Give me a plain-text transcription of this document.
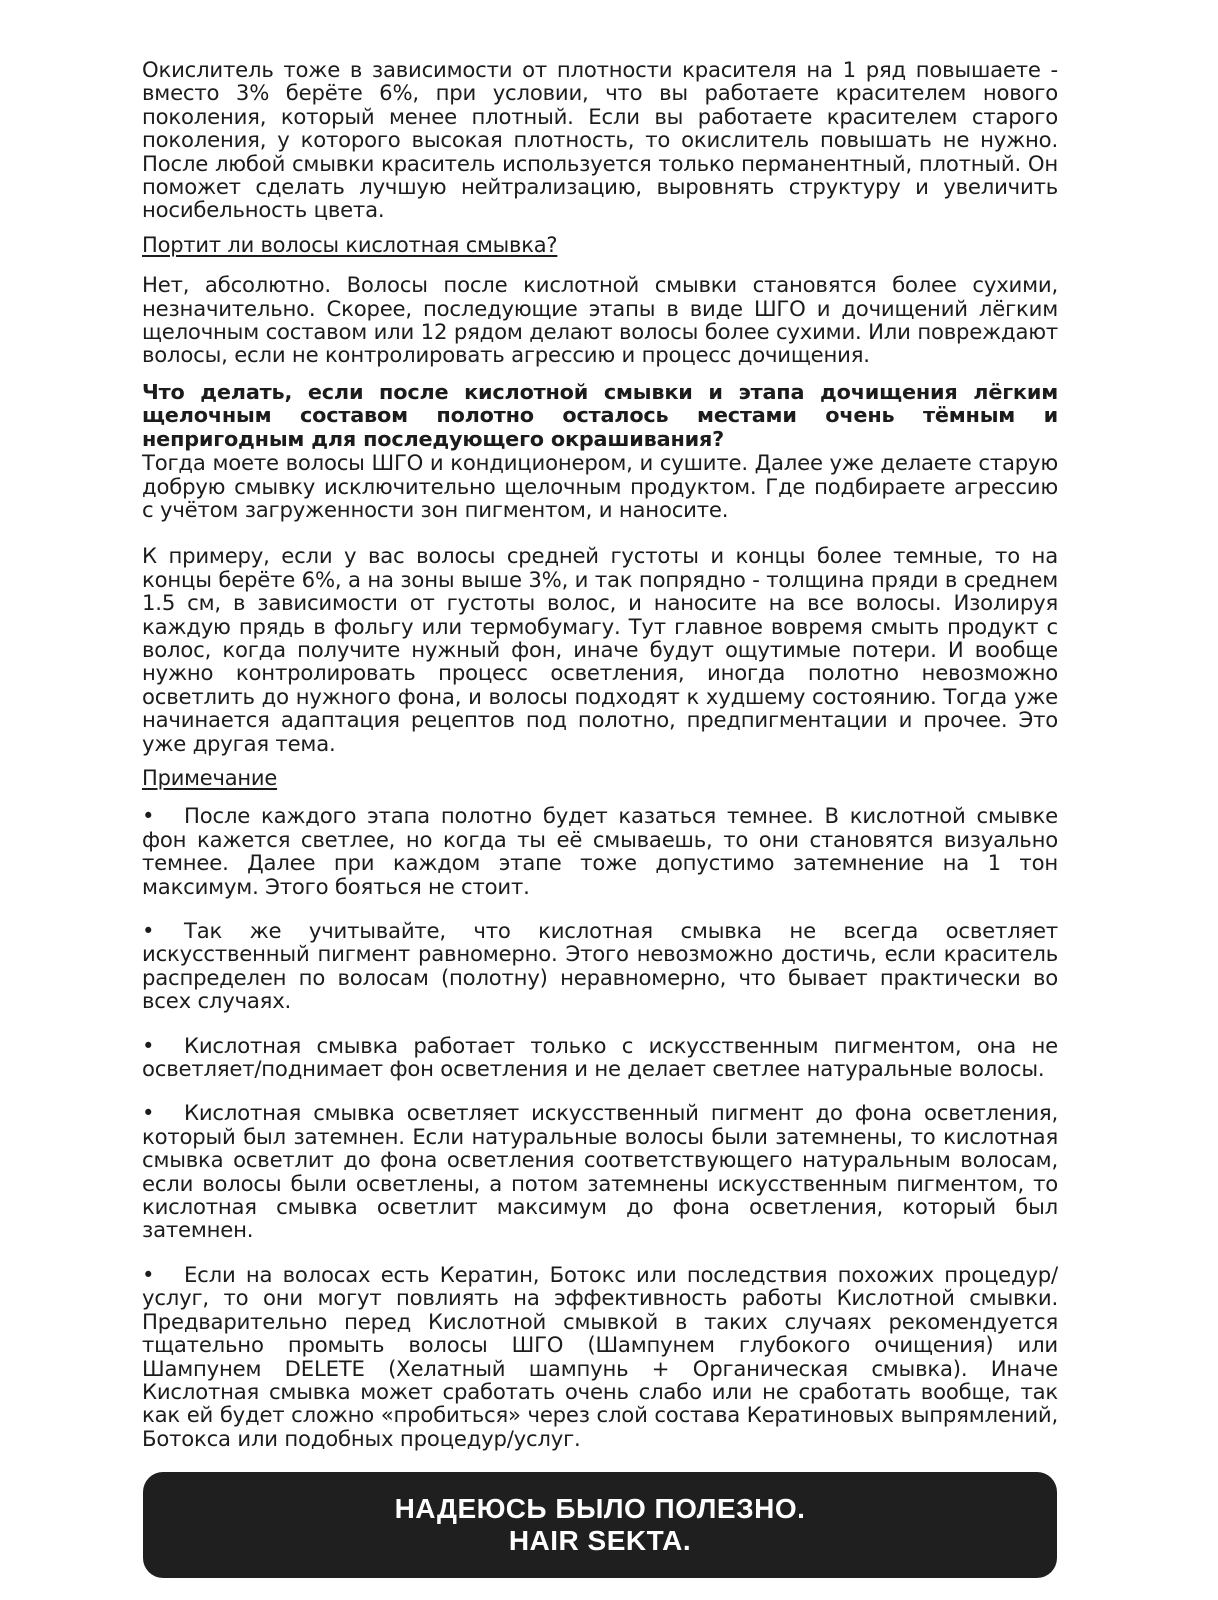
Окислитель тоже в зависимости от плотности красителя на 1 ряд повышаете - вместо 3% берёте 6%, при условии, что вы работаете красителем нового поколения, который менее плотный. Если вы работаете красителем старого поколения, у которого высокая плотность, то окислитель повышать не нужно. После любой смывки краситель используется только перманентный, плотный. Он поможет сделать лучшую нейтрализацию, выровнять структуру и увеличить носибельность цвета.

Портит ли волосы кислотная смывка?

Нет, абсолютно. Волосы после кислотной смывки становятся более сухими, незначительно. Скорее, последующие этапы в виде ШГО и дочищений лёгким щелочным составом или 12 рядом делают волосы более сухими. Или повреждают волосы, если не контролировать агрессию и процесс дочищения.

Что делать, если после кислотной смывки и этапа дочищения лёгким щелочным составом полотно осталось местами очень тёмным и непригодным для последующего окрашивания?

Тогда моете волосы ШГО и кондиционером, и сушите. Далее уже делаете старую добрую смывку исключительно щелочным продуктом. Где подбираете агрессию с учётом загруженности зон пигментом, и наносите.

К примеру, если у вас волосы средней густоты и концы более темные, то на концы берёте 6%, а на зоны выше 3%, и так попрядно - толщина пряди в среднем 1.5 см, в зависимости от густоты волос, и наносите на все волосы. Изолируя каждую прядь в фольгу или термобумагу. Тут главное вовремя смыть продукт с волос, когда получите нужный фон, иначе будут ощутимые потери. И вообще нужно контролировать процесс осветления, иногда полотно невозможно осветлить до нужного фона, и волосы подходят к худшему состоянию. Тогда уже начинается адаптация рецептов под полотно, предпигментации и прочее. Это уже другая тема.

Примечание

• После каждого этапа полотно будет казаться темнее. В кислотной смывке фон кажется светлее, но когда ты её смываешь, то они становятся визуально темнее. Далее при каждом этапе тоже допустимо затемнение на 1 тон максимум. Этого бояться не стоит.

• Так же учитывайте, что кислотная смывка не всегда осветляет искусственный пигмент равномерно. Этого невозможно достичь, если краситель распределен по волосам (полотну) неравномерно, что бывает практически во всех случаях.

• Кислотная смывка работает только с искусственным пигментом, она не осветляет/поднимает фон осветления и не делает светлее натуральные волосы.

• Кислотная смывка осветляет искусственный пигмент до фона осветления, который был затемнен. Если натуральные волосы были затемнены, то кислотная смывка осветлит до фона осветления соответствующего натуральным волосам, если волосы были осветлены, а потом затемнены искусственным пигментом, то кислотная смывка осветлит максимум до фона осветления, который был затемнен.

• Если на волосах есть Кератин, Ботокс или последствия похожих процедур/услуг, то они могут повлиять на эффективность работы Кислотной смывки. Предварительно перед Кислотной смывкой в таких случаях рекомендуется тщательно промыть волосы ШГО (Шампунем глубокого очищения) или Шампунем DELETE (Хелатный шампунь + Органическая смывка). Иначе Кислотная смывка может сработать очень слабо или не сработать вообще, так как ей будет сложно «пробиться» через слой состава Кератиновых выпрямлений, Ботокса или подобных процедур/услуг.

НАДЕЮСЬ БЫЛО ПОЛЕЗНО.
HAIR SEKTA.
